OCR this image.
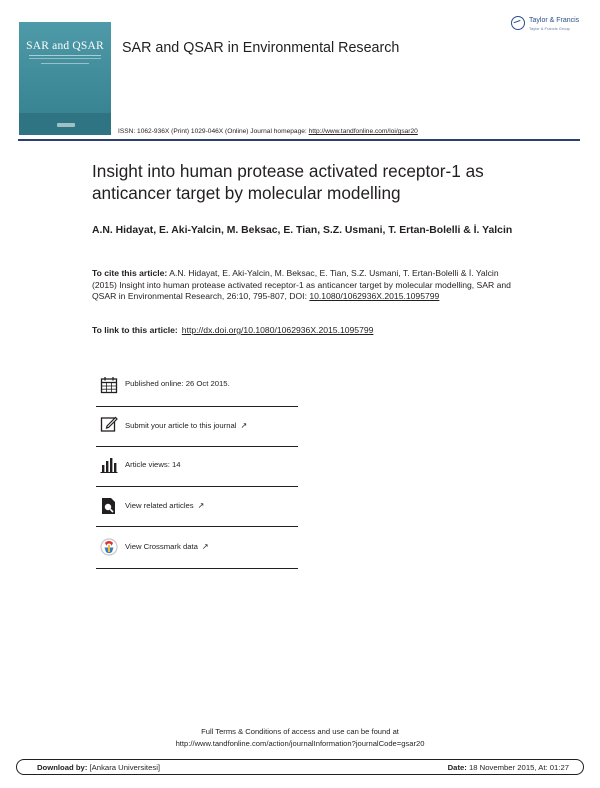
SAR and QSAR	SAR and QSAR in Environmental Research
Taylor & Francis
Taylor & Francis Group
ISSN: 1062-936X (Print) 1029-046X (Online) Journal homepage: http://www.tandfonline.com/loi/gsar20
Insight into human protease activated receptor-1 as anticancer target by molecular modelling
A.N. Hidayat, E. Aki-Yalcin, M. Beksac, E. Tian, S.Z. Usmani, T. Ertan-Bolelli & İ. Yalcin
To cite this article: A.N. Hidayat, E. Aki-Yalcin, M. Beksac, E. Tian, S.Z. Usmani, T. Ertan-Bolelli & İ. Yalcin (2015) Insight into human protease activated receptor-1 as anticancer target by molecular modelling, SAR and QSAR in Environmental Research, 26:10, 795-807, DOI: 10.1080/1062936X.2015.1095799
To link to this article: http://dx.doi.org/10.1080/1062936X.2015.1095799
Published online: 26 Oct 2015.
Submit your article to this journal ↗
Article views: 14
View related articles ↗
View Crossmark data ↗
Full Terms & Conditions of access and use can be found at
http://www.tandfonline.com/action/journalInformation?journalCode=gsar20
Download by: [Ankara Universitesi]	Date: 18 November 2015, At: 01:27
